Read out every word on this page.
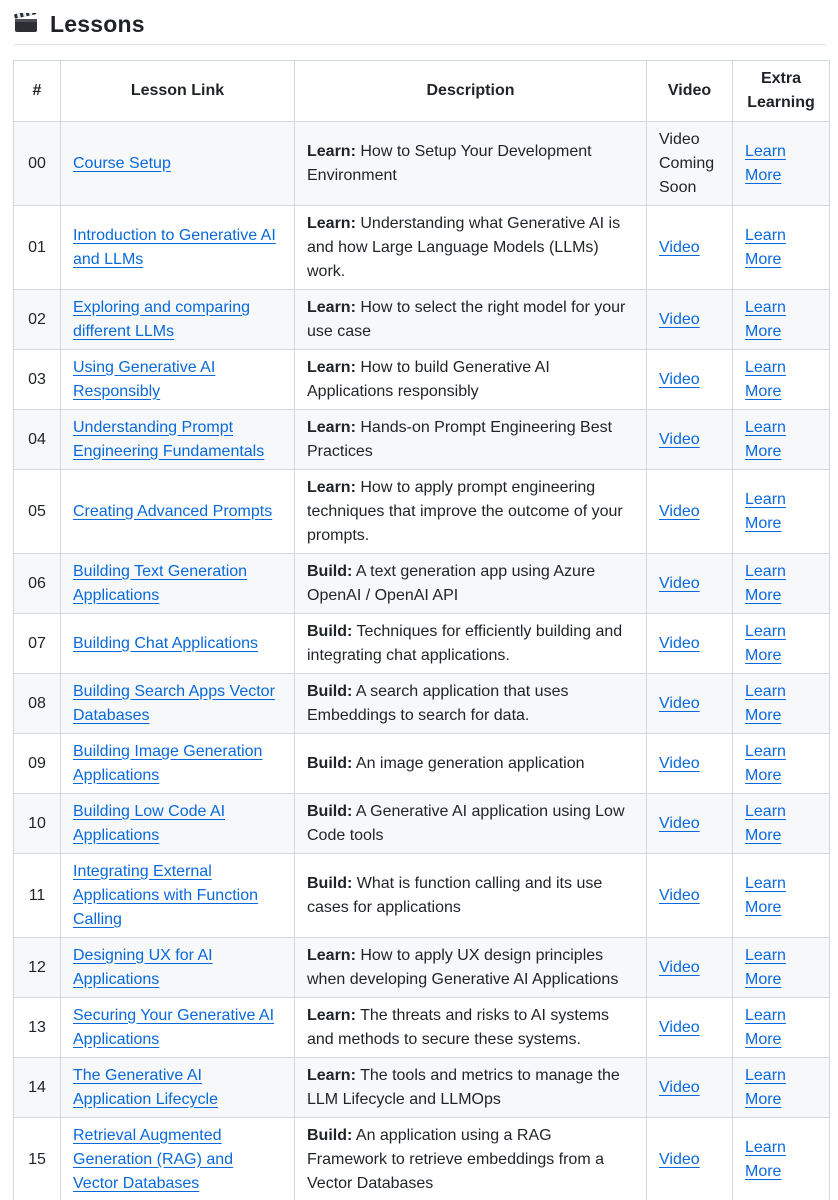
Lessons
#	Lesson Link	Description	Video	Extra Learning
00	Course Setup	Learn: How to Setup Your Development Environment	Video Coming Soon	Learn More
01	Introduction to Generative AI and LLMs	Learn: Understanding what Generative AI is and how Large Language Models (LLMs) work.	Video	Learn More
02	Exploring and comparing different LLMs	Learn: How to select the right model for your use case	Video	Learn More
03	Using Generative AI Responsibly	Learn: How to build Generative AI Applications responsibly	Video	Learn More
04	Understanding Prompt Engineering Fundamentals	Learn: Hands-on Prompt Engineering Best Practices	Video	Learn More
05	Creating Advanced Prompts	Learn: How to apply prompt engineering techniques that improve the outcome of your prompts.	Video	Learn More
06	Building Text Generation Applications	Build: A text generation app using Azure OpenAI / OpenAI API	Video	Learn More
07	Building Chat Applications	Build: Techniques for efficiently building and integrating chat applications.	Video	Learn More
08	Building Search Apps Vector Databases	Build: A search application that uses Embeddings to search for data.	Video	Learn More
09	Building Image Generation Applications	Build: An image generation application	Video	Learn More
10	Building Low Code AI Applications	Build: A Generative AI application using Low Code tools	Video	Learn More
11	Integrating External Applications with Function Calling	Build: What is function calling and its use cases for applications	Video	Learn More
12	Designing UX for AI Applications	Learn: How to apply UX design principles when developing Generative AI Applications	Video	Learn More
13	Securing Your Generative AI Applications	Learn: The threats and risks to AI systems and methods to secure these systems.	Video	Learn More
14	The Generative AI Application Lifecycle	Learn: The tools and metrics to manage the LLM Lifecycle and LLMOps	Video	Learn More
15	Retrieval Augmented Generation (RAG) and Vector Databases	Build: An application using a RAG Framework to retrieve embeddings from a Vector Databases	Video	Learn More
